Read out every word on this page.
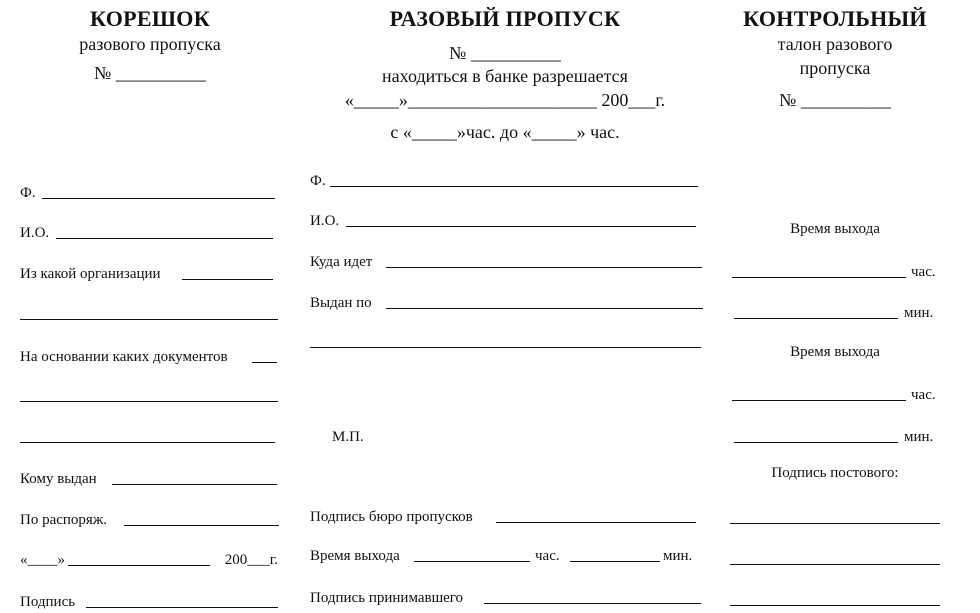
КОРЕШОК
разового пропуска
№ __________
Ф.
И.О.
Из какой организации
На основании каких документов
Кому выдан
По распоряж.
«____»	200___г.
Подпись
РАЗОВЫЙ ПРОПУСК
№ __________
находиться в банке разрешается
«_____»_____________________ 200___г.
с «_____»час. до «_____» час.
Ф.
И.О.
Куда идет
Выдан по
М.П.
Подпись бюро пропусков
Время выхода	час.	мин.
Подпись принимавшего
КОНТРОЛЬНЫЙ
талон разового
пропуска
№ __________
Время выхода
час.
мин.
Время выхода
час.
мин.
Подпись постового:
